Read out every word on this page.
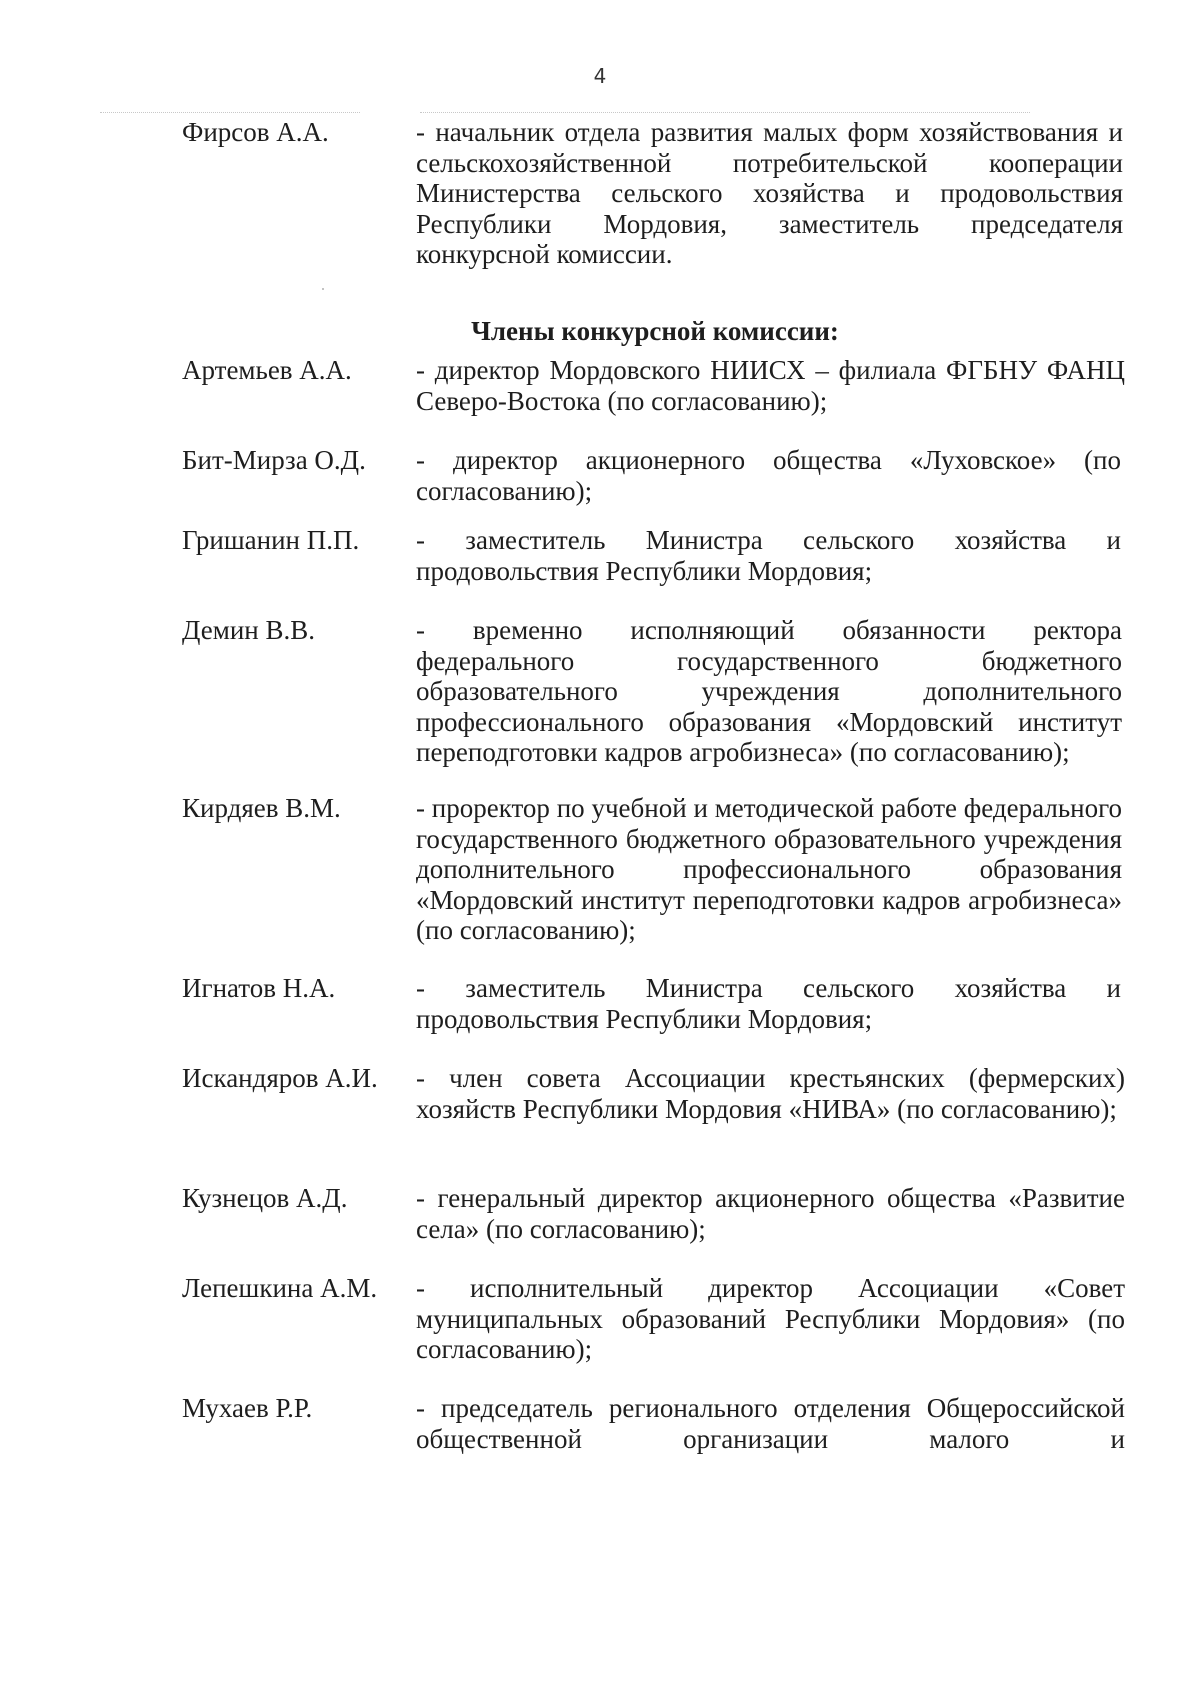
4
Фирсов А.А.	- начальник отдела развития малых форм хозяйствования и сельскохозяйственной потребительской кооперации Министерства сельского хозяйства и продовольствия Республики Мордовия, заместитель председателя конкурсной комиссии.
Члены конкурсной комиссии:
Артемьев А.А. - директор Мордовского НИИСХ – филиала ФГБНУ ФАНЦ Северо-Востока (по согласованию);
Бит-Мирза О.Д. - директор акционерного общества «Луховское» (по согласованию);
Гришанин П.П. - заместитель Министра сельского хозяйства и продовольствия Республики Мордовия;
Демин В.В.	- временно исполняющий обязанности ректора федерального государственного бюджетного образовательного учреждения дополнительного профессионального образования «Мордовский институт переподготовки кадров агробизнеса» (по согласованию);
Кирдяев В.М.	- проректор по учебной и методической работе федерального государственного бюджетного образовательного учреждения дополнительного профессионального образования «Мордовский институт переподготовки кадров агробизнеса» (по согласованию);
Игнатов Н.А.	- заместитель Министра сельского хозяйства и продовольствия Республики Мордовия;
Искандяров А.И. - член совета Ассоциации крестьянских (фермерских) хозяйств Республики Мордовия «НИВА» (по согласованию);
Кузнецов А.Д.	- генеральный директор акционерного общества «Развитие села» (по согласованию);
Лепешкина А.М. - исполнительный директор Ассоциации «Совет муниципальных образований Республики Мордовия» (по согласованию);
Мухаев Р.Р.	- председатель регионального отделения Общероссийской общественной организации малого и
